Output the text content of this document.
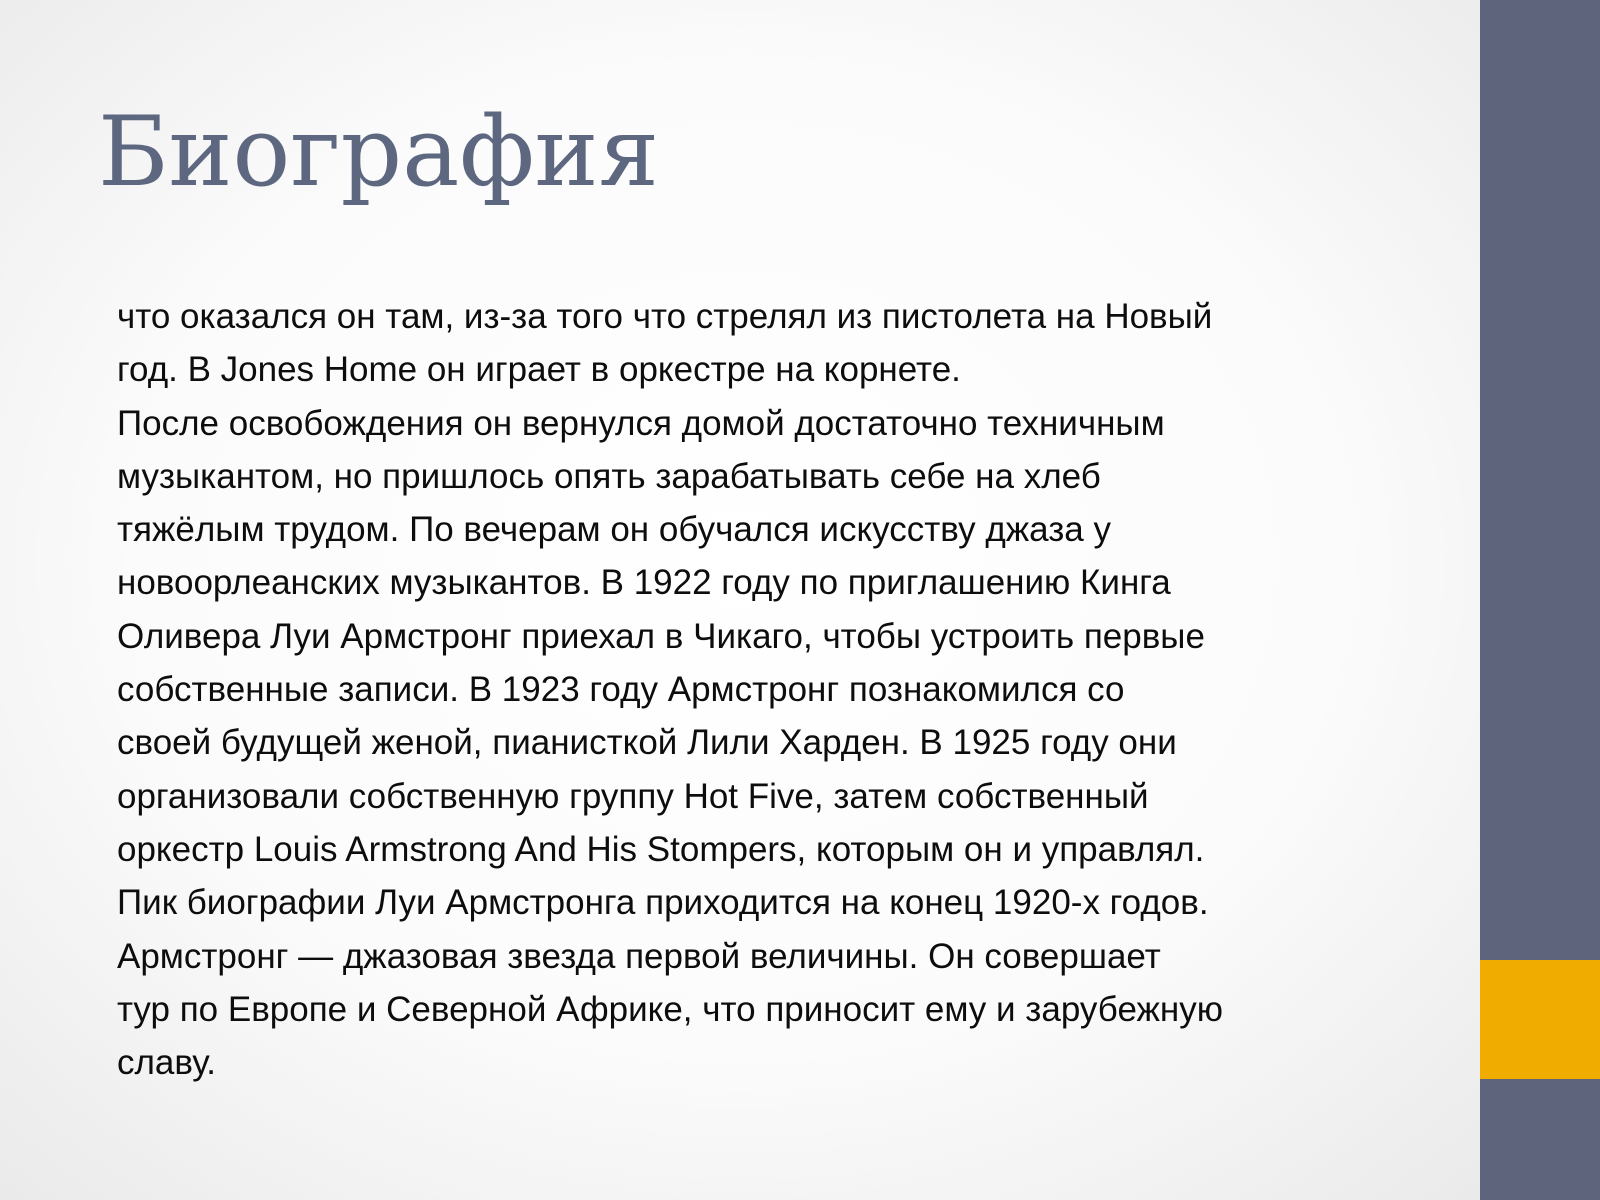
Биография
что оказался он там, из-за того что стрелял из пистолета на Новый
год. В Jones Home он играет в оркестре на корнете.
После освобождения он вернулся домой достаточно техничным
музыкантом, но пришлось опять зарабатывать себе на хлеб
тяжёлым трудом. По вечерам он обучался искусству джаза у
новоорлеанских музыкантов. В 1922 году по приглашению Кинга
Оливера Луи Армстронг приехал в Чикаго, чтобы устроить первые
собственные записи. В 1923 году Армстронг познакомился со
своей будущей женой, пианисткой Лили Харден. В 1925 году они
организовали собственную группу Hot Five, затем собственный
оркестр Louis Armstrong And His Stompers, которым он и управлял.
Пик биографии Луи Армстронга приходится на конец 1920-х годов.
Армстронг — джазовая звезда первой величины. Он совершает
тур по Европе и Северной Африке, что приносит ему и зарубежную
славу.
